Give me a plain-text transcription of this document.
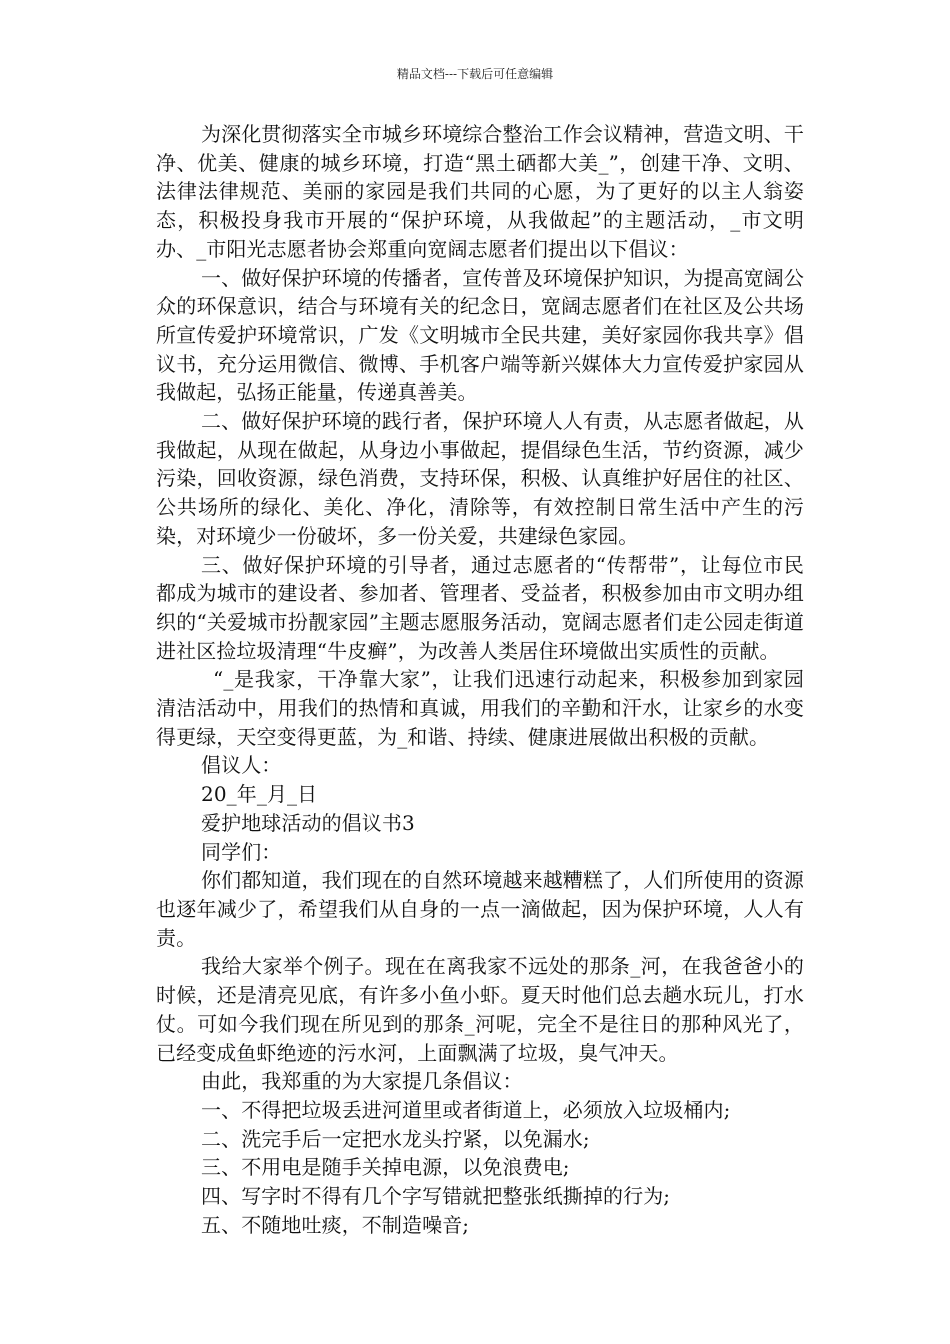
精品文档---下载后可任意编辑

为深化贯彻落实全市城乡环境综合整治工作会议精神，营造文明、干净、优美、健康的城乡环境，打造“黑土硒都大美_”，创建干净、文明、法律法律规范、美丽的家园是我们共同的心愿，为了更好的以主人翁姿态，积极投身我市开展的“保护环境，从我做起”的主题活动，_市文明办、_市阳光志愿者协会郑重向宽阔志愿者们提出以下倡议：

一、做好保护环境的传播者，宣传普及环境保护知识，为提高宽阔公众的环保意识，结合与环境有关的纪念日，宽阔志愿者们在社区及公共场所宣传爱护环境常识，广发《文明城市全民共建，美好家园你我共享》倡议书，充分运用微信、微博、手机客户端等新兴媒体大力宣传爱护家园从我做起，弘扬正能量，传递真善美。

二、做好保护环境的践行者，保护环境人人有责，从志愿者做起，从我做起，从现在做起，从身边小事做起，提倡绿色生活，节约资源，减少污染，回收资源，绿色消费，支持环保，积极、认真维护好居住的社区、公共场所的绿化、美化、净化，清除等，有效控制日常生活中产生的污染，对环境少一份破坏，多一份关爱，共建绿色家园。

三、做好保护环境的引导者，通过志愿者的“传帮带”，让每位市民都成为城市的建设者、参加者、管理者、受益者，积极参加由市文明办组织的“关爱城市扮靓家园”主题志愿服务活动，宽阔志愿者们走公园走街道进社区捡垃圾清理“牛皮癣”，为改善人类居住环境做出实质性的贡献。

“_是我家，干净靠大家”，让我们迅速行动起来，积极参加到家园清洁活动中，用我们的热情和真诚，用我们的辛勤和汗水，让家乡的水变得更绿，天空变得更蓝，为_和谐、持续、健康进展做出积极的贡献。

倡议人：

20_年_月_日

爱护地球活动的倡议书3

同学们：

你们都知道，我们现在的自然环境越来越糟糕了，人们所使用的资源也逐年减少了，希望我们从自身的一点一滴做起，因为保护环境，人人有责。

我给大家举个例子。现在在离我家不远处的那条_河，在我爸爸小的时候，还是清亮见底，有许多小鱼小虾。夏天时他们总去趟水玩儿，打水仗。可如今我们现在所见到的那条_河呢，完全不是往日的那种风光了，已经变成鱼虾绝迹的污水河，上面飘满了垃圾，臭气冲天。

由此，我郑重的为大家提几条倡议：

一、不得把垃圾丢进河道里或者街道上，必须放入垃圾桶内;

二、洗完手后一定把水龙头拧紧，以免漏水;

三、不用电是随手关掉电源，以免浪费电;

四、写字时不得有几个字写错就把整张纸撕掉的行为;

五、不随地吐痰，不制造噪音;
